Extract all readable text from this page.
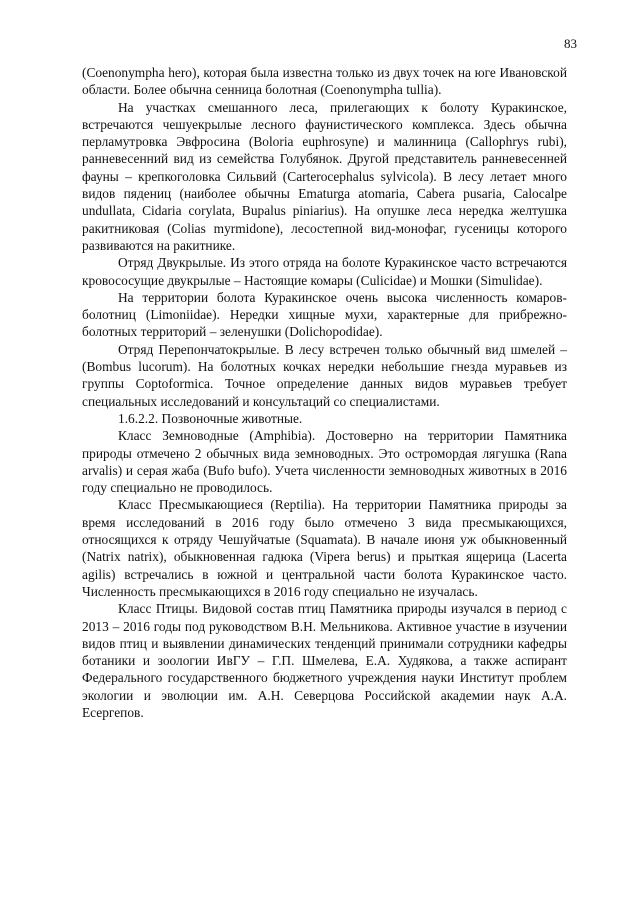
83

(Coenonympha hero), которая была известна только из двух точек на юге Ивановской области. Более обычна сенница болотная (Coenonympha tullia).

На участках смешанного леса, прилегающих к болоту Куракинское, встречаются чешуекрылые лесного фаунистического комплекса. Здесь обычна перламутровка Эвфросина (Boloria euphrosyne) и малинница (Callophrys rubi), ранневесенний вид из семейства Голубянок. Другой представитель ранневесенней фауны – крепкоголовка Сильвий (Carterocephalus sylvicola). В лесу летает много видов пядениц (наиболее обычны Ematurga atomaria, Cabera pusaria, Calocalpe undullata, Cidaria corylata, Bupalus piniarius). На опушке леса нередка желтушка ракитниковая (Colias myrmidone), лесостепной вид-монофаг, гусеницы которого развиваются на ракитнике.

Отряд Двукрылые. Из этого отряда на болоте Куракинское часто встречаются кровососущие двукрылые – Настоящие комары (Culicidae) и Мошки (Simulidae).

На территории болота Куракинское очень высока численность комаров-болотниц (Limoniidae). Нередки хищные мухи, характерные для прибрежно-болотных территорий – зеленушки (Dolichopodidae).

Отряд Перепончатокрылые. В лесу встречен только обычный вид шмелей – (Bombus lucorum). На болотных кочках нередки небольшие гнезда муравьев из группы Coptoformica. Точное определение данных видов муравьев требует специальных исследований и консультаций со специалистами.

1.6.2.2. Позвоночные животные.

Класс Земноводные (Amphibia). Достоверно на территории Памятника природы отмечено 2 обычных вида земноводных. Это остромордая лягушка (Rana arvalis) и серая жаба (Bufo bufo). Учета численности земноводных животных в 2016 году специально не проводилось.

Класс Пресмыкающиеся (Reptilia). На территории Памятника природы за время исследований в 2016 году было отмечено 3 вида пресмыкающихся, относящихся к отряду Чешуйчатые (Squamata). В начале июня уж обыкновенный (Natrix natrix), обыкновенная гадюка (Vipera berus) и прыткая ящерица (Lacerta agilis) встречались в южной и центральной части болота Куракинское часто. Численность пресмыкающихся в 2016 году специально не изучалась.

Класс Птицы. Видовой состав птиц Памятника природы изучался в период с 2013 – 2016 годы под руководством В.Н. Мельникова. Активное участие в изучении видов птиц и выявлении динамических тенденций принимали сотрудники кафедры ботаники и зоологии ИвГУ – Г.П. Шмелева, Е.А. Худякова, а также аспирант Федерального государственного бюджетного учреждения науки Институт проблем экологии и эволюции им. А.Н. Северцова Российской академии наук А.А. Есергепов.
